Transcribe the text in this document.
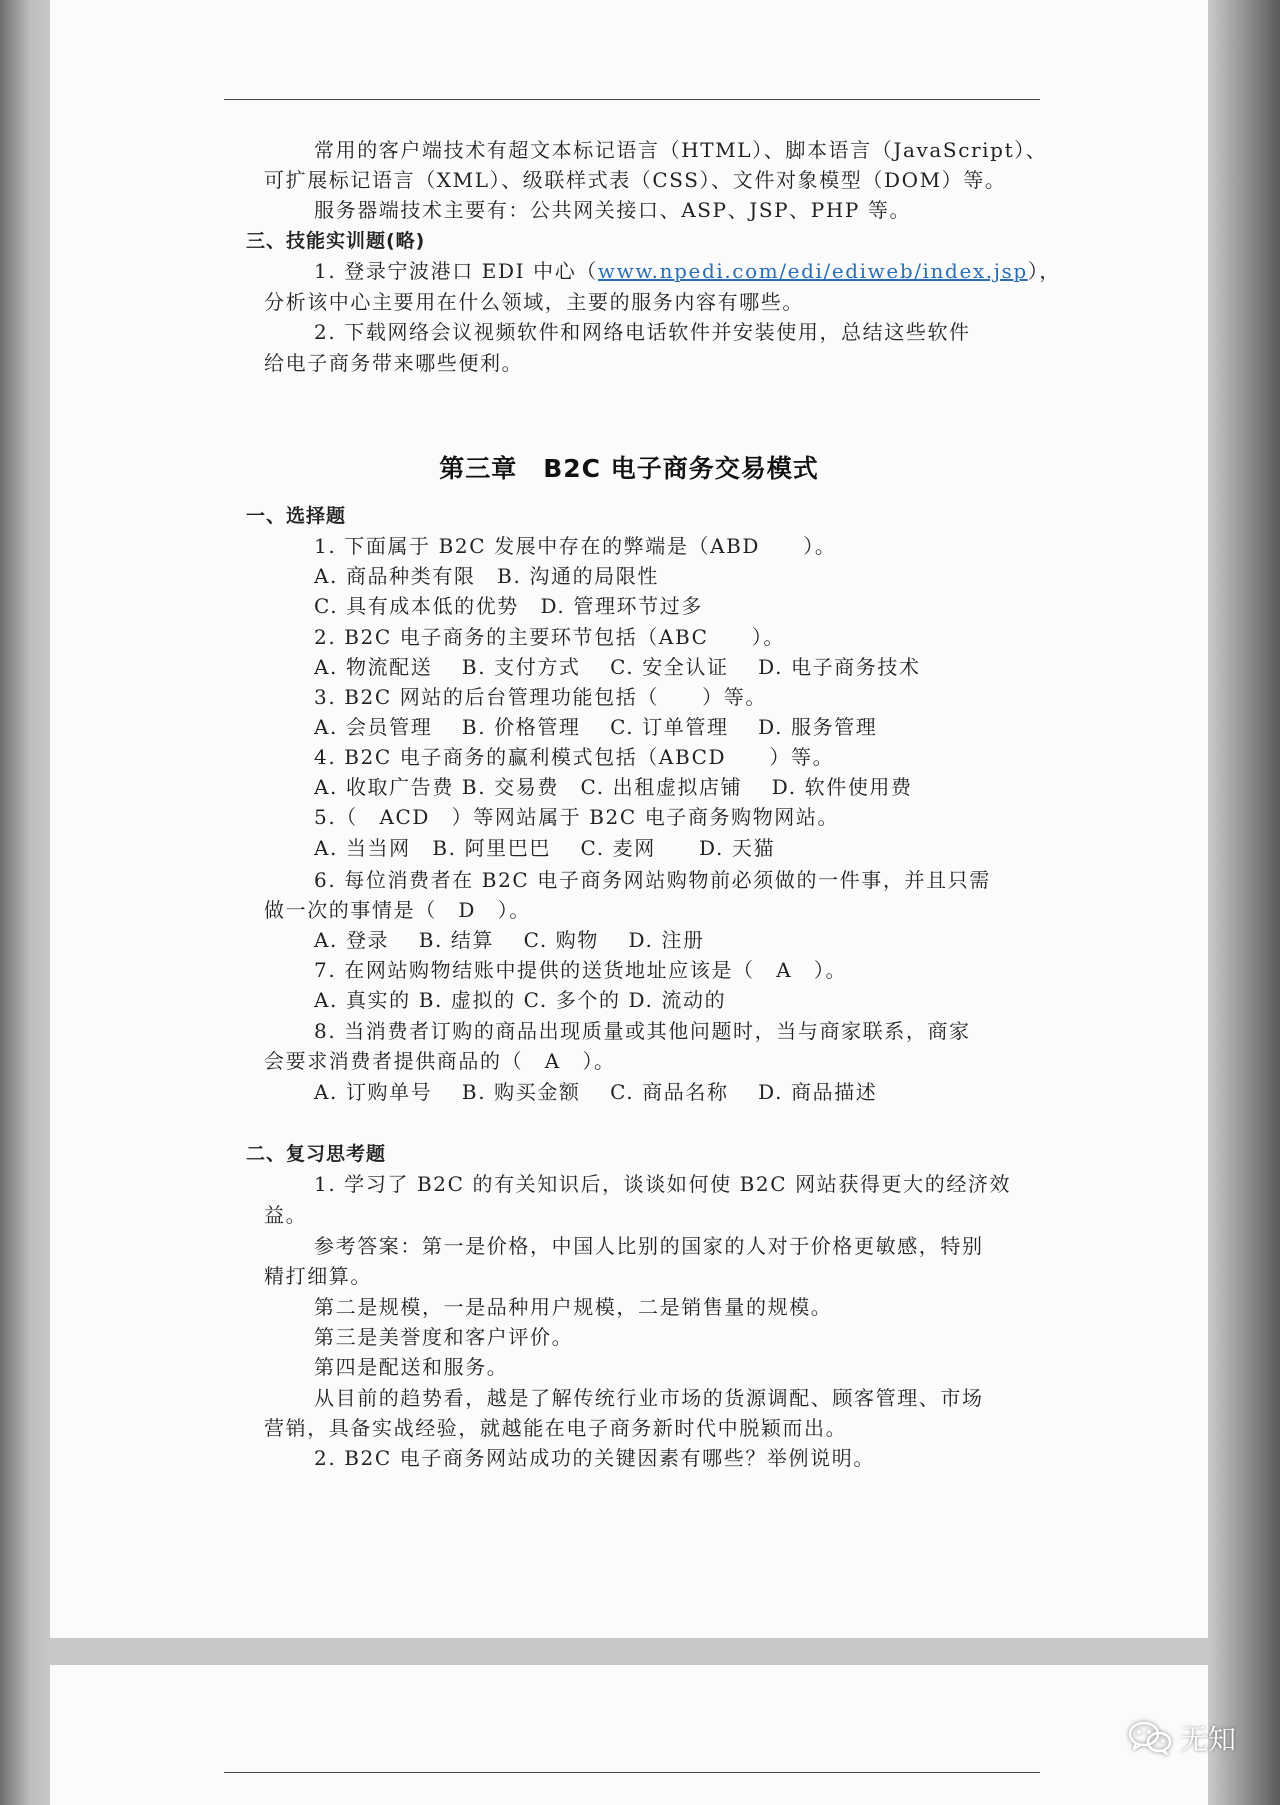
常用的客户端技术有超文本标记语言（HTML）、脚本语言（JavaScript）、
可扩展标记语言（XML）、级联样式表（CSS）、文件对象模型（DOM）等。
服务器端技术主要有：公共网关接口、ASP、JSP、PHP 等。
三、技能实训题(略)
1. 登录宁波港口 EDI 中心（www.npedi.com/edi/ediweb/index.jsp），
分析该中心主要用在什么领域，主要的服务内容有哪些。
2. 下载网络会议视频软件和网络电话软件并安装使用，总结这些软件
给电子商务带来哪些便利。
第三章　B2C 电子商务交易模式
一、选择题
1. 下面属于 B2C 发展中存在的弊端是（ABD　　）。
A. 商品种类有限　B. 沟通的局限性
C. 具有成本低的优势　D. 管理环节过多
2. B2C 电子商务的主要环节包括（ABC　　）。
A. 物流配送　 B. 支付方式　 C. 安全认证　 D. 电子商务技术
3. B2C 网站的后台管理功能包括（　　）等。
A. 会员管理　 B. 价格管理　 C. 订单管理　 D. 服务管理
4. B2C 电子商务的赢利模式包括（ABCD　　）等。
A. 收取广告费 B. 交易费　C. 出租虚拟店铺　 D. 软件使用费
5.（　ACD　）等网站属于 B2C 电子商务购物网站。
A. 当当网　B. 阿里巴巴　 C. 麦网　　D. 天猫
6. 每位消费者在 B2C 电子商务网站购物前必须做的一件事，并且只需
做一次的事情是（　D　）。
A. 登录　 B. 结算　 C. 购物　 D. 注册
7. 在网站购物结账中提供的送货地址应该是（　A　）。
A. 真实的 B. 虚拟的 C. 多个的 D. 流动的
8. 当消费者订购的商品出现质量或其他问题时，当与商家联系，商家
会要求消费者提供商品的（　A　）。
A. 订购单号　 B. 购买金额　 C. 商品名称　 D. 商品描述
二、复习思考题
1. 学习了 B2C 的有关知识后，谈谈如何使 B2C 网站获得更大的经济效
益。
参考答案：第一是价格，中国人比别的国家的人对于价格更敏感，特别
精打细算。
第二是规模，一是品种用户规模，二是销售量的规模。
第三是美誉度和客户评价。
第四是配送和服务。
从目前的趋势看，越是了解传统行业市场的货源调配、顾客管理、市场
营销，具备实战经验，就越能在电子商务新时代中脱颖而出。
2. B2C 电子商务网站成功的关键因素有哪些？举例说明。
无知
